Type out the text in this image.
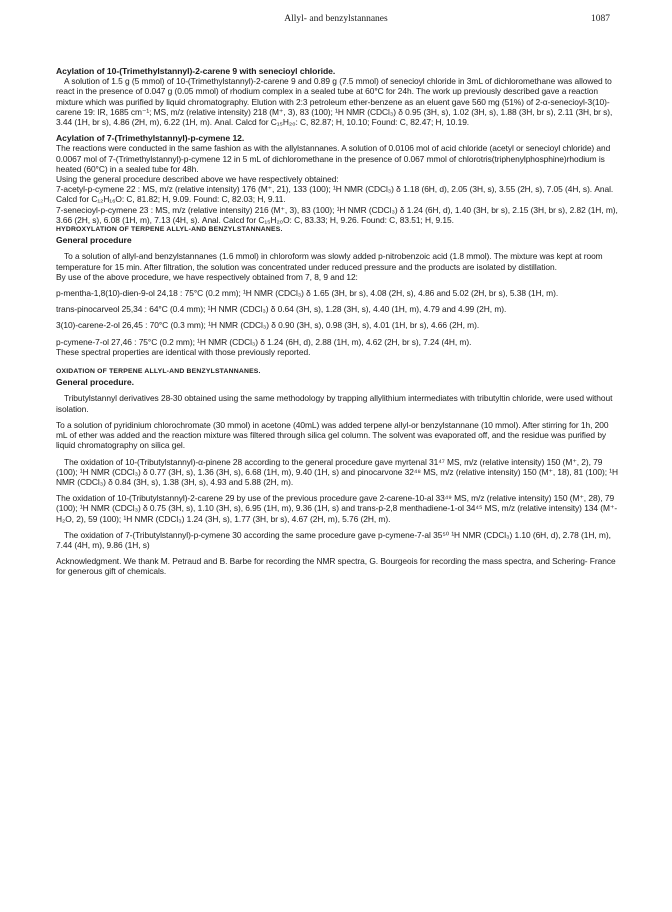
Allyl- and benzylstannanes	1087

Acylation of 10-(Trimethylstannyl)-2-carene 9 with senecioyl chloride.

A solution of 1.5 g (5 mmol) of 10-(Trimethylstannyl)-2-carene 9 and 0.89 g (7.5 mmol) of senecioyl chloride in 3mL of dichloromethane was allowed to react in the presence of 0.047 g (0.05 mmol) of rhodium complex in a sealed tube at 60°C for 24h. The work up previously described gave a reaction mixture which was purified by liquid chromatography. Elution with 2:3 petroleum ether-benzene as an eluent gave 560 mg (51%) of 2-α-senecioyl-3(10)-carene 19: IR, 1685 cm⁻¹; MS, m/z (relative intensity) 218 (M⁺, 3), 83 (100); ¹H NMR (CDCl₃) δ 0.95 (3H, s), 1.02 (3H, s), 1.88 (3H, br s), 2.11 (3H, br s), 3.44 (1H, br s), 4.86 (2H, m), 6.22 (1H, m). Anal. Calcd for C₁₅H₂₀: C, 82.87; H, 10.10; Found: C, 82.47; H, 10.19.

Acylation of 7-(Trimethylstannyl)-p-cymene 12.

The reactions were conducted in the same fashion as with the allylstannanes. A solution of 0.0106 mol of acid chloride (acetyl or senecioyl chloride) and 0.0067 mol of 7-(Trimethylstannyl)-p-cymene 12 in 5 mL of dichloromethane in the presence of 0.067 mmol of chlorotris(triphenylphosphine)rhodium is heated (60°C) in a sealed tube for 48h.

Using the general procedure described above we have respectively obtained:

7-acetyl-p-cymene 22 : MS, m/z (relative intensity) 176 (M⁺, 21), 133 (100); ¹H NMR (CDCl₃) δ 1.18 (6H, d), 2.05 (3H, s), 3.55 (2H, s), 7.05 (4H, s). Anal. Calcd for C₁₂H₁₆O: C, 81.82; H, 9.09. Found: C, 82.03; H, 9.11.

7-senecioyl-p-cymene 23 : MS, m/z (relative intensity) 216 (M⁺, 3), 83 (100); ¹H NMR (CDCl₃) δ 1.24 (6H, d), 1.40 (3H, br s), 2.15 (3H, br s), 2.82 (1H, m), 3.66 (2H, s), 6.08 (1H, m), 7.13 (4H, s). Anal. Calcd for C₁₅H₂₀O: C, 83.33; H, 9.26. Found: C, 83.51; H, 9.15.

HYDROXYLATION OF TERPENE ALLYL-AND BENZYLSTANNANES.

General procedure

To a solution of allyl-and benzylstannanes (1.6 mmol) in chloroform was slowly added p-nitrobenzoic acid (1.8 mmol). The mixture was kept at room temperature for 15 min. After filtration, the solution was concentrated under reduced pressure and the products are isolated by distillation.

By use of the above procedure, we have respectively obtained from 7, 8, 9 and 12:

p-mentha-1,8(10)-dien-9-ol 24,18 : 75°C (0.2 mm); ¹H NMR (CDCl₃) δ 1.65 (3H, br s), 4.08 (2H, s), 4.86 and 5.02 (2H, br s), 5.38 (1H, m).

trans-pinocarveol 25,34 : 64°C (0.4 mm); ¹H NMR (CDCl₃) δ 0.64 (3H, s), 1.28 (3H, s), 4.40 (1H, m), 4.79 and 4.99 (2H, m).

3(10)-carene-2-ol 26,45 : 70°C (0.3 mm); ¹H NMR (CDCl₃) δ 0.90 (3H, s), 0.98 (3H, s), 4.01 (1H, br s), 4.66 (2H, m).

p-cymene-7-ol 27,46 : 75°C (0.2 mm); ¹H NMR (CDCl₃) δ 1.24 (6H, d), 2.88 (1H, m), 4.62 (2H, br s), 7.24 (4H, m).

These spectral properties are identical with those previously reported.

OXIDATION OF TERPENE ALLYL-AND BENZYLSTANNANES.

General procedure.

Tributylstannyl derivatives 28-30 obtained using the same methodology by trapping allylithium intermediates with tributyltin chloride, were used without isolation.

To a solution of pyridinium chlorochromate (30 mmol) in acetone (40mL) was added terpene allyl-or benzylstannane (10 mmol). After stirring for 1h, 200 mL of ether was added and the reaction mixture was filtered through silica gel column. The solvent was evaporated off, and the residue was purified by liquid chromatography on silica gel.

The oxidation of 10-(Tributylstannyl)-α-pinene 28 according to the general procedure gave myrtenal 31⁴⁷ MS, m/z (relative intensity) 150 (M⁺, 2), 79 (100); ¹H NMR (CDCl₃) δ 0.77 (3H, s), 1.36 (3H, s), 6.68 (1H, m), 9.40 (1H, s) and pinocarvone 32⁴⁸ MS, m/z (relative intensity) 150 (M⁺, 18), 81 (100); ¹H NMR (CDCl₃) δ 0.84 (3H, s), 1.38 (3H, s), 4.93 and 5.88 (2H, m).

The oxidation of 10-(Tributylstannyl)-2-carene 29 by use of the previous procedure gave 2-carene-10-al 33⁴⁹ MS, m/z (relative intensity) 150 (M⁺, 28), 79 (100); ¹H NMR (CDCl₃) δ 0.75 (3H, s), 1.10 (3H, s), 6.95 (1H, m), 9.36 (1H, s) and trans-p-2,8 menthadiene-1-ol 34⁴⁵ MS, m/z (relative intensity) 134 (M⁺-H₂O, 2), 59 (100); ¹H NMR (CDCl₃) 1.24 (3H, s), 1.77 (3H, br s), 4.67 (2H, m), 5.76 (2H, m).

The oxidation of 7-(Tributylstannyl)-p-cymene 30 according the same procedure gave p-cymene-7-al 35⁵⁰ ¹H NMR (CDCl₃) 1.10 (6H, d), 2.78 (1H, m), 7.44 (4H, m), 9.86 (1H, s)

Acknowledgment. We thank M. Petraud and B. Barbe for recording the NMR spectra, G. Bourgeois for recording the mass spectra, and Schering- France for generous gift of chemicals.
